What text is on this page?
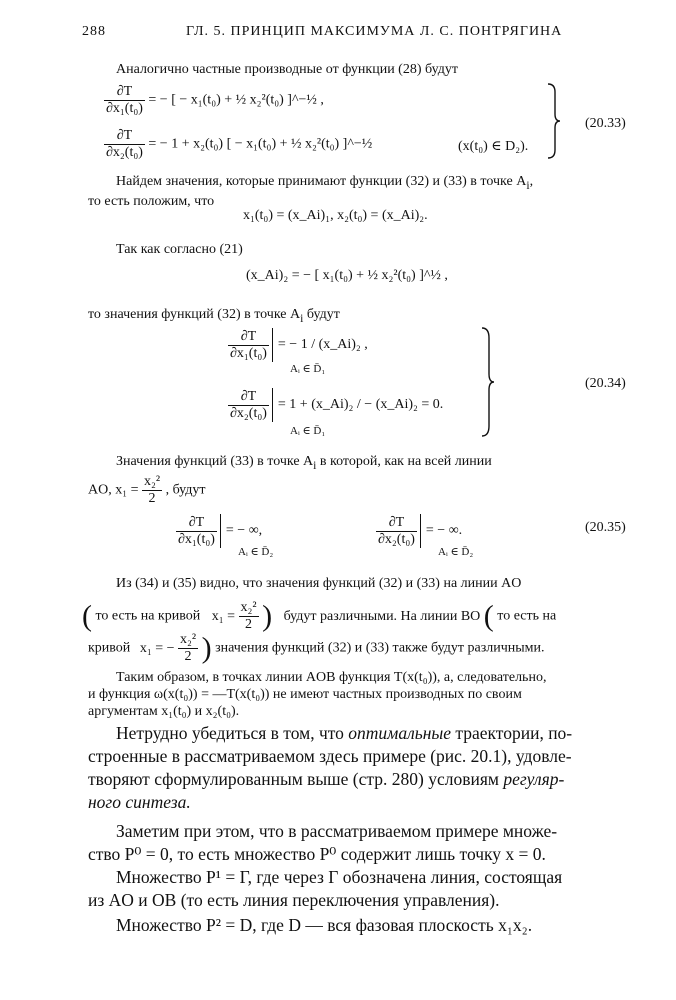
288	ГЛ. 5. ПРИНЦИП МАКСИМУМА Л. С. ПОНТРЯГИНА
Аналогично частные производные от функции (28) будут
$\frac{\partial T}{\text{∂x₁(t₀)}}$ = − [ − x₁(t₀) + ½ x₂²(t₀) ]^−½ ,
$\frac{\partial T}{\text{∂x₂(t₀)}}$ = − 1 + x₂(t₀) [ − x₁(t₀) + ½ x₂²(t₀) ]^−½	(x(t₀) ∈ D₂).
(20.33)
Найдем значения, которые принимают функции (32) и (33) в точке $A_i$,
то есть положим, что
x₁(t₀) = (x_Ai)₁, x₂(t₀) = (x_Ai)₂.
Так как согласно (21)
(x_Ai)₂ = − [ x₁(t₀) + ½ x₂²(t₀) ]^½ ,
то значения функций (32) в точке $A_i$ будут
$\frac{\partial T}{\text{∂x₁(t₀)}}$ = − 1 / (x_Ai)₂ ,
Aᵢ ∈ D̄₁
$\frac{\partial T}{\text{∂x₂(t₀)}} = 1$ + (x_Ai)₂ / − (x_Ai)₂ = 0.
Aᵢ ∈ D̄₁
(20.34)
Значения функций (33) в точке $A_i$ в которой, как на всей линии
AO, $x_1 = \frac{\text{x₂²}}{2}$ , будут
$\frac{\partial T}{\text{∂x₁(t₀)}}$ = − ∞,
Aᵢ ∈ D̄₂
$\frac{\partial T}{\text{∂x₂(t₀)}}$ = − ∞.
Aᵢ ∈ D̄₂
(20.35)
Из (34) и (35) видно, что значения функций (32) и (33) на линии AO
( то есть на кривой $x_1 = \frac{\text{x₂²}}{2}$ ) будут различными. На линии BO ( то есть на
кривой x₁ = − $\frac{\text{x₂²}}{2}$ ) значения функций (32) и (33) также будут различными.
Таким образом, в точках линии AOB функция T(x(t₀)), а, следовательно,
и функция ω(x(t₀)) = —T(x(t₀)) не имеют частных производных по своим
аргументам x₁(t₀) и x₂(t₀).
Нетрудно убедиться в том, что оптимальные траектории, по-
строенные в рассматриваемом здесь примере (рис. 20.1), удовле-
творяют сформулированным выше (стр. 280) условиям регуляр-
ного синтеза.
Заметим при этом, что в рассматриваемом примере множе-
ство P⁰ = 0, то есть множество P⁰ содержит лишь точку x = 0.
Множество P¹ = Γ, где через Γ обозначена линия, состоящая
из AO и OB (то есть линия переключения управления).
Множество P² = D, где D — вся фазовая плоскость x₁x₂.
